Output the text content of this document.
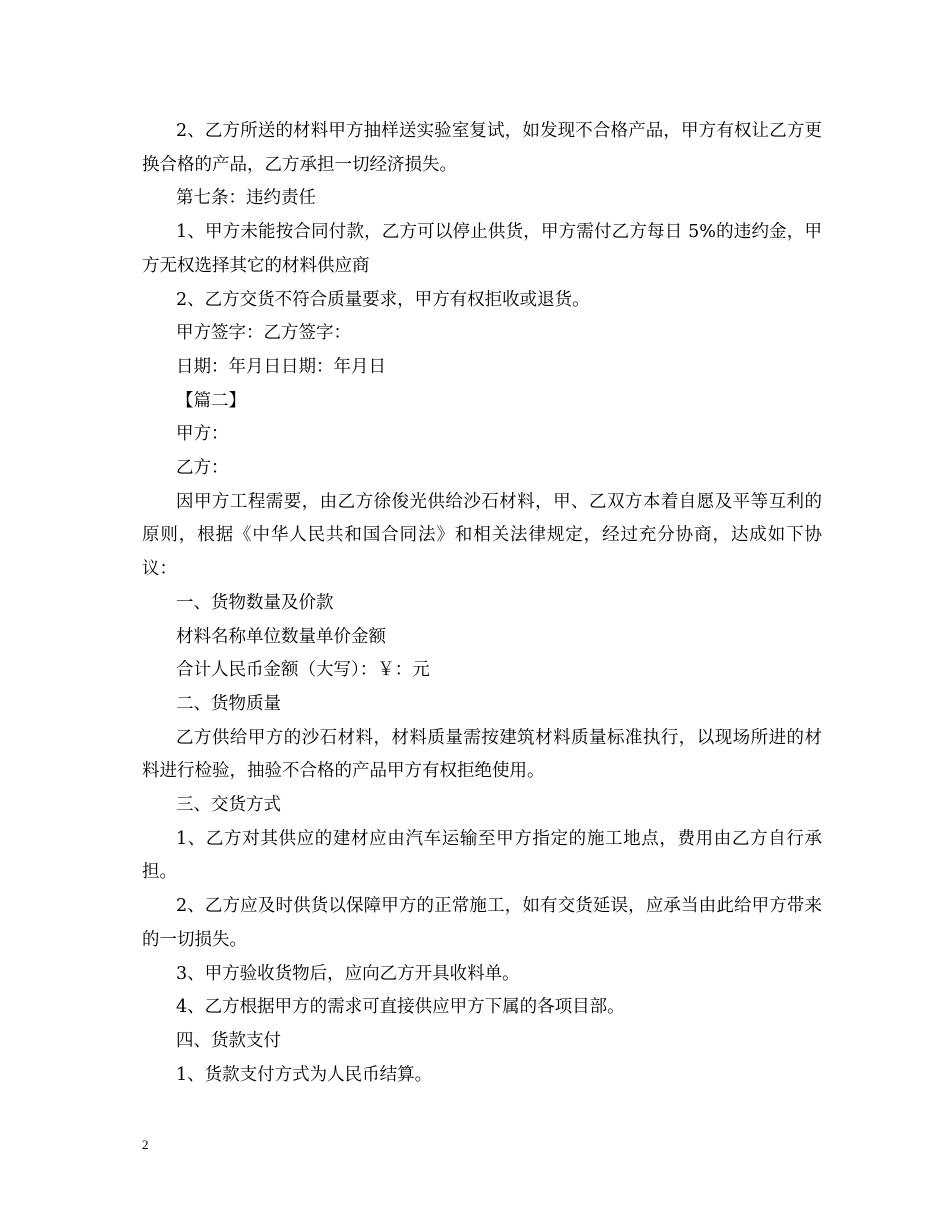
2、乙方所送的材料甲方抽样送实验室复试，如发现不合格产品，甲方有权让乙方更换合格的产品，乙方承担一切经济损失。

第七条：违约责任

1、甲方未能按合同付款，乙方可以停止供货，甲方需付乙方每日 5%的违约金，甲方无权选择其它的材料供应商

2、乙方交货不符合质量要求，甲方有权拒收或退货。

甲方签字：乙方签字：

日期：年月日日期：年月日

【篇二】

甲方：

乙方：

因甲方工程需要，由乙方徐俊光供给沙石材料，甲、乙双方本着自愿及平等互利的原则，根据《中华人民共和国合同法》和相关法律规定，经过充分协商，达成如下协议：

一、货物数量及价款

材料名称单位数量单价金额

合计人民币金额（大写）：￥：元

二、货物质量

乙方供给甲方的沙石材料，材料质量需按建筑材料质量标准执行，以现场所进的材料进行检验，抽验不合格的产品甲方有权拒绝使用。

三、交货方式

1、乙方对其供应的建材应由汽车运输至甲方指定的施工地点，费用由乙方自行承担。

2、乙方应及时供货以保障甲方的正常施工，如有交货延误，应承当由此给甲方带来的一切损失。

3、甲方验收货物后，应向乙方开具收料单。

4、乙方根据甲方的需求可直接供应甲方下属的各项目部。

四、货款支付

1、货款支付方式为人民币结算。

2
